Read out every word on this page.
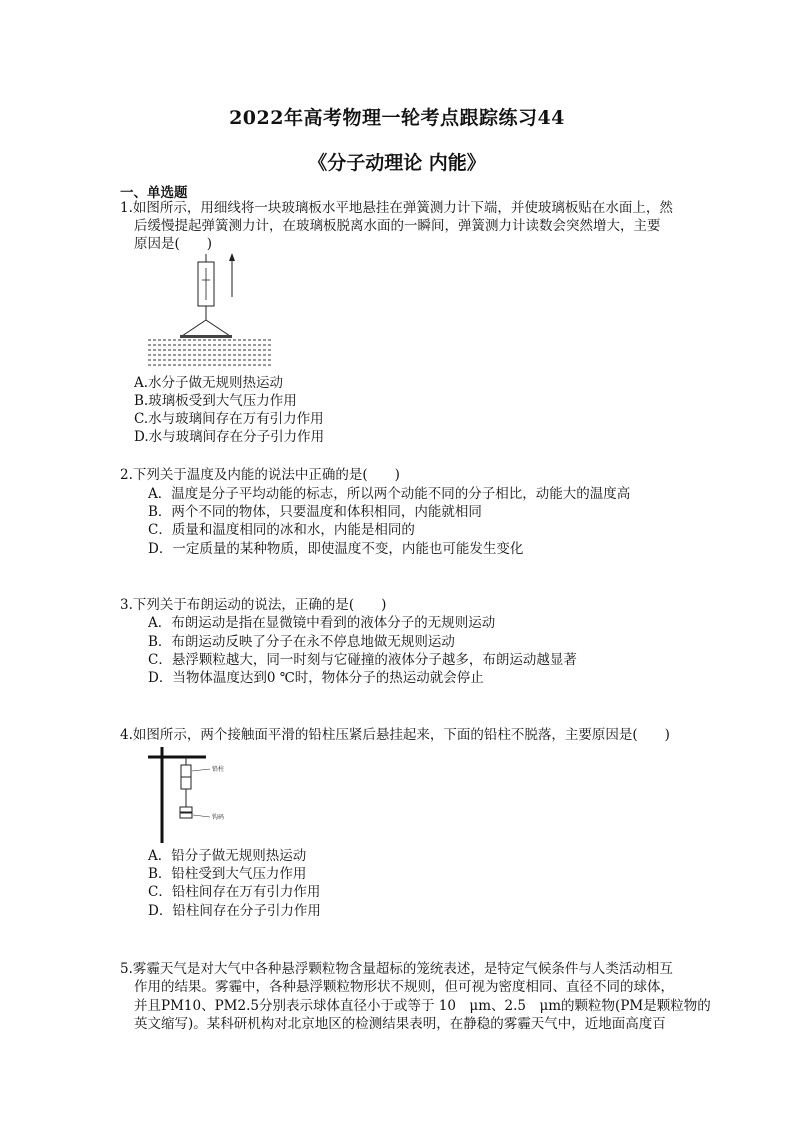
2022年高考物理一轮考点跟踪练习44
《分子动理论 内能》
一、单选题
1.如图所示，用细线将一块玻璃板水平地悬挂在弹簧测力计下端，并使玻璃板贴在水面上，然
后缓慢提起弹簧测力计，在玻璃板脱离水面的一瞬间，弹簧测力计读数会突然增大，主要
原因是(　　)
A.水分子做无规则热运动
B.玻璃板受到大气压力作用
C.水与玻璃间存在万有引力作用
D.水与玻璃间存在分子引力作用
2.下列关于温度及内能的说法中正确的是(　　)
A．温度是分子平均动能的标志，所以两个动能不同的分子相比，动能大的温度高
B．两个不同的物体，只要温度和体积相同，内能就相同
C．质量和温度相同的冰和水，内能是相同的
D．一定质量的某种物质，即使温度不变，内能也可能发生变化
3.下列关于布朗运动的说法，正确的是(　　)
A．布朗运动是指在显微镜中看到的液体分子的无规则运动
B．布朗运动反映了分子在永不停息地做无规则运动
C．悬浮颗粒越大，同一时刻与它碰撞的液体分子越多，布朗运动越显著
D．当物体温度达到0 ℃时，物体分子的热运动就会停止
4.如图所示，两个接触面平滑的铅柱压紧后悬挂起来，下面的铅柱不脱落，主要原因是(　　)
铅柱
钩码
A．铅分子做无规则热运动
B．铅柱受到大气压力作用
C．铅柱间存在万有引力作用
D．铅柱间存在分子引力作用
5.雾霾天气是对大气中各种悬浮颗粒物含量超标的笼统表述，是特定气候条件与人类活动相互
作用的结果。雾霾中，各种悬浮颗粒物形状不规则，但可视为密度相同、直径不同的球体，
并且PM10、PM2.5分别表示球体直径小于或等于 10　μm、2.5　μm的颗粒物(PM是颗粒物的
英文缩写)。某科研机构对北京地区的检测结果表明，在静稳的雾霾天气中，近地面高度百
